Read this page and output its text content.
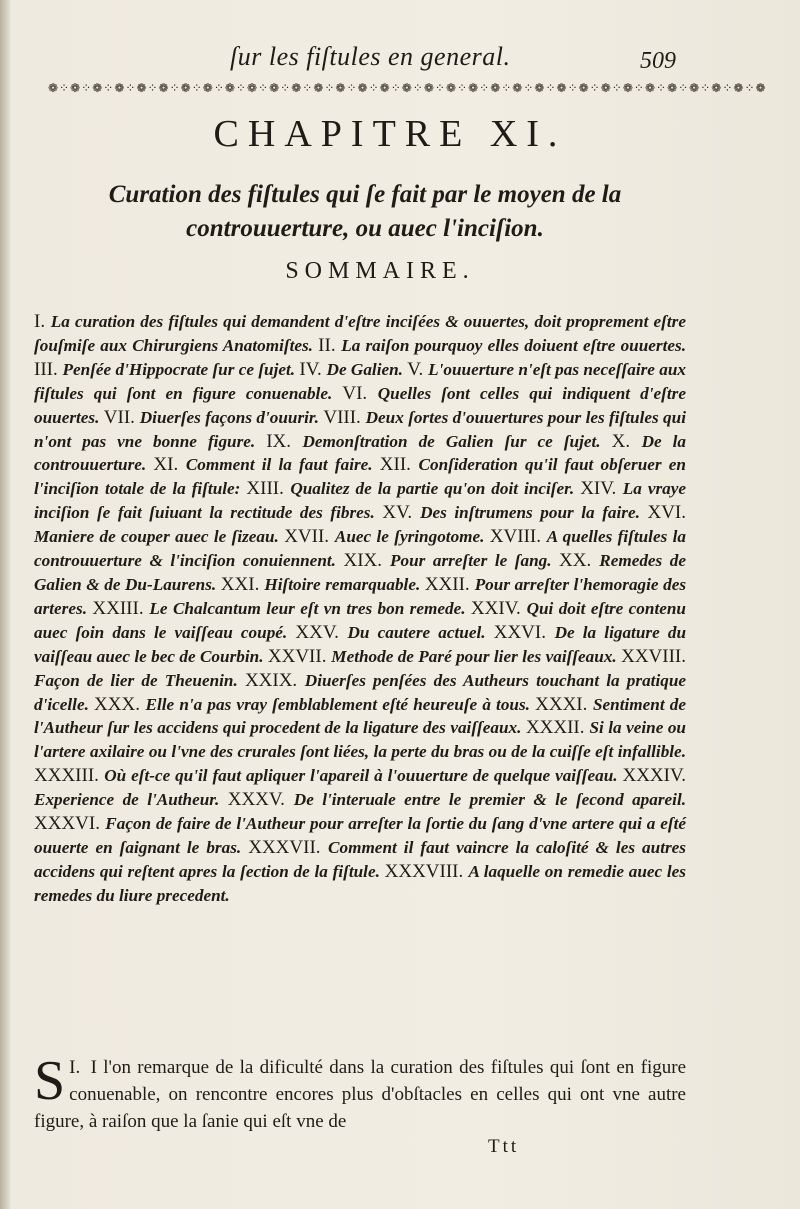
ſur les fiſtules en general.	509
❁⁘❁⁘❁⁘❁⁘❁⁘❁⁘❁⁘❁⁘❁⁘❁⁘❁⁘❁⁘❁⁘❁⁘❁⁘❁⁘❁⁘❁⁘❁⁘❁⁘❁⁘❁⁘❁⁘❁⁘❁⁘❁⁘❁⁘❁⁘❁⁘❁⁘❁⁘❁⁘❁
CHAPITRE XI.
Curation des fiſtules qui ſe fait par le moyen de la controuuerture, ou auec l'inciſion.
SOMMAIRE.
I. La curation des fiſtules qui demandent d'eſtre inciſées & ouuertes, doit proprement eſtre ſouſmiſe aux Chirurgiens Anatomiſtes. II. La raiſon pourquoy elles doiuent eſtre ouuertes. III. Penſée d'Hippocrate ſur ce ſujet. IV. De Galien. V. L'ouuerture n'eſt pas neceſſaire aux fiſtules qui ſont en figure conuenable. VI. Quelles ſont celles qui indiquent d'eſtre ouuertes. VII. Diuerſes façons d'ouurir. VIII. Deux ſortes d'ouuertures pour les fiſtules qui n'ont pas vne bonne figure. IX. Demonſtration de Galien ſur ce ſujet. X. De la controuuerture. XI. Comment il la faut faire. XII. Conſideration qu'il faut obſeruer en l'inciſion totale de la fiſtule: XIII. Qualitez de la partie qu'on doit inciſer. XIV. La vraye inciſion ſe fait ſuiuant la rectitude des fibres. XV. Des inſtrumens pour la faire. XVI. Maniere de couper auec le ſizeau. XVII. Auec le ſyringotome. XVIII. A quelles fiſtules la controuuerture & l'inciſion conuiennent. XIX. Pour arreſter le ſang. XX. Remedes de Galien & de Du-Laurens. XXI. Hiſtoire remarquable. XXII. Pour arreſter l'hemoragie des arteres. XXIII. Le Chalcantum leur eſt vn tres bon remede. XXIV. Qui doit eſtre contenu auec ſoin dans le vaiſſeau coupé. XXV. Du cautere actuel. XXVI. De la ligature du vaiſſeau auec le bec de Courbin. XXVII. Methode de Paré pour lier les vaiſſeaux. XXVIII. Façon de lier de Theuenin. XXIX. Diuerſes penſées des Autheurs touchant la pratique d'icelle. XXX. Elle n'a pas vray ſemblablement eſté heureuſe à tous. XXXI. Sentiment de l'Autheur ſur les accidens qui procedent de la ligature des vaiſſeaux. XXXII. Si la veine ou l'artere axilaire ou l'vne des crurales ſont liées, la perte du bras ou de la cuiſſe eſt infallible. XXXIII. Où eſt-ce qu'il faut apliquer l'apareil à l'ouuerture de quelque vaiſſeau. XXXIV. Experience de l'Autheur. XXXV. De l'interuale entre le premier & le ſecond apareil. XXXVI. Façon de faire de l'Autheur pour arreſter la ſortie du ſang d'vne artere qui a eſté ouuerte en ſaignant le bras. XXXVII. Comment il faut vaincre la caloſité & les autres accidens qui reſtent apres la ſection de la fiſtule. XXXVIII. A laquelle on remedie auec les remedes du liure precedent.
I.
S I l'on remarque de la dificulté dans la curation des fiſtules qui ſont en figure conuenable, on rencontre encores plus d'obſtacles en celles qui ont vne autre figure, à raiſon que la ſanie qui eſt vne de
Ttt
